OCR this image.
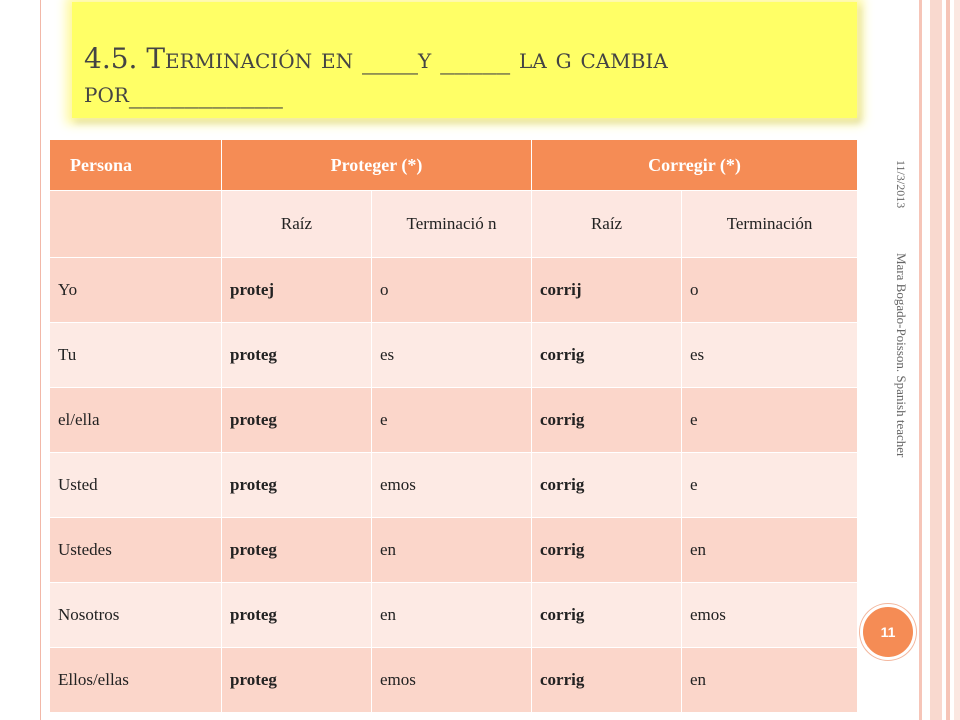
4.5. Terminación en ____y _____ la g cambia por___________
Persona	Proteger (*)		Corregir (*)	
	Raíz	Terminació n	Raíz	Terminación
Yo	protej	o	corrij	o
Tu	proteg	es	corrig	es
el/ella	proteg	e	corrig	e
Usted	proteg	emos	corrig	e
Ustedes	proteg	en	corrig	en
Nosotros	proteg	en	corrig	emos
Ellos/ellas	proteg	emos	corrig	en
11/3/2013
Mara Bogado-Poisson. Spanish teacher
11
